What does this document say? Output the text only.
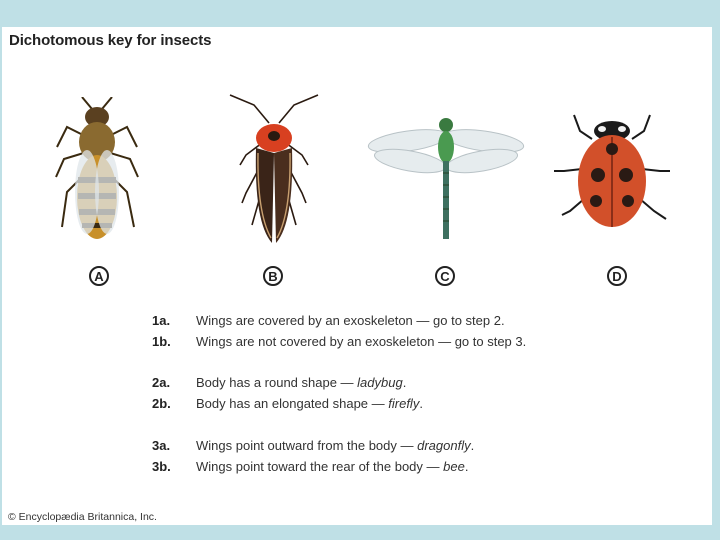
Dichotomous key for insects
A	B	C	D
1a. Wings are covered by an exoskeleton — go to step 2.
1b. Wings are not covered by an exoskeleton — go to step 3.
2a. Body has a round shape — ladybug.
2b. Body has an elongated shape — firefly.
3a. Wings point outward from the body — dragonfly.
3b. Wings point toward the rear of the body — bee.
© Encyclopædia Britannica, Inc.
